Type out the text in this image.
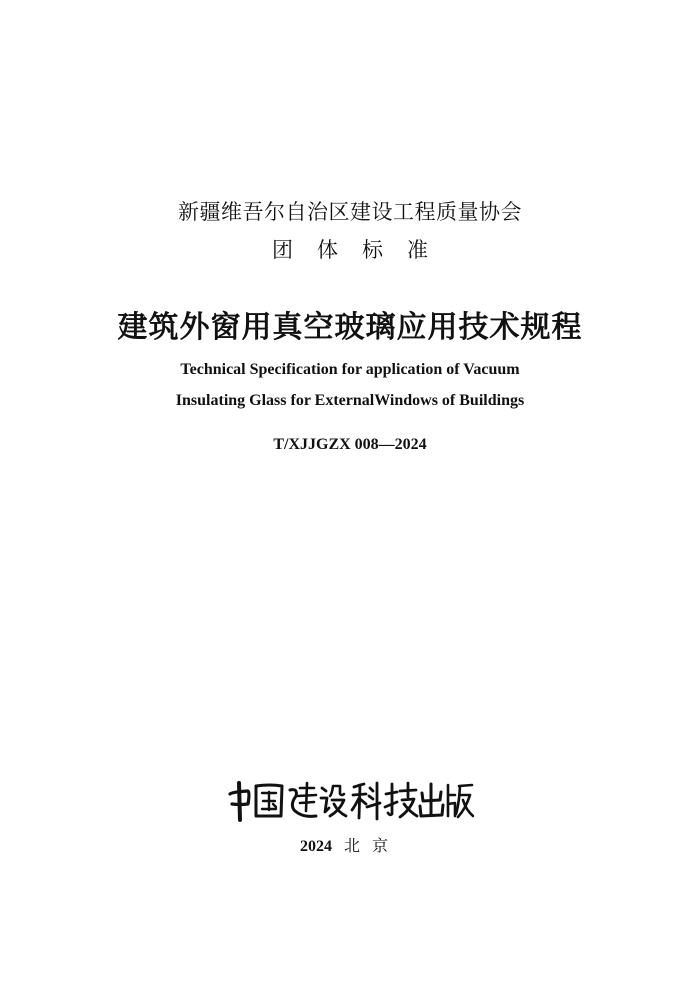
新疆维吾尔自治区建设工程质量协会
团体标准
建筑外窗用真空玻璃应用技术规程
Technical Specification for application of Vacuum
Insulating Glass for ExternalWindows of Buildings
T/XJJGZX 008—2024
2024 北京
